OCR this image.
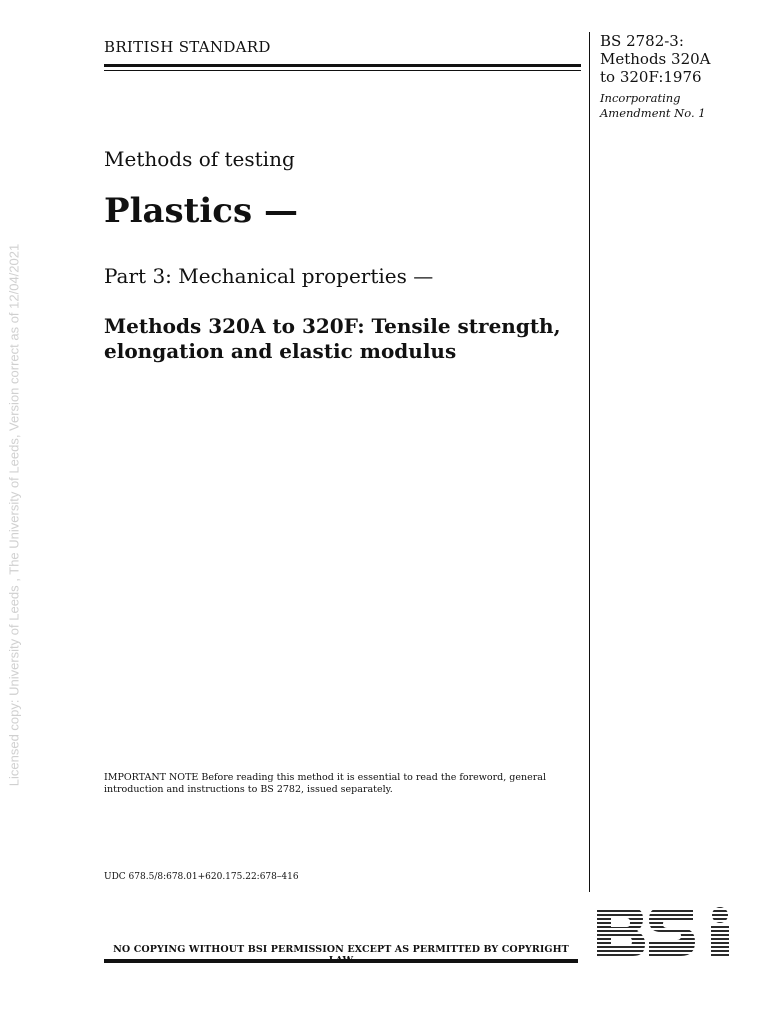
Licensed copy: University of Leeds , The University of Leeds, Version correct as of 12/04/2021
BRITISH STANDARD	BS 2782-3:
Methods 320A
to 320F:1976
Incorporating
Amendment No. 1
Methods of testing
Plastics —
Part 3: Mechanical properties —
Methods 320A to 320F: Tensile strength,
elongation and elastic modulus
IMPORTANT NOTE Before reading this method it is essential to read the foreword, general
introduction and instructions to BS 2782, issued separately.
UDC 678.5/8:678.01+620.175.22:678–416
NO COPYING WITHOUT BSI PERMISSION EXCEPT AS PERMITTED BY COPYRIGHT
